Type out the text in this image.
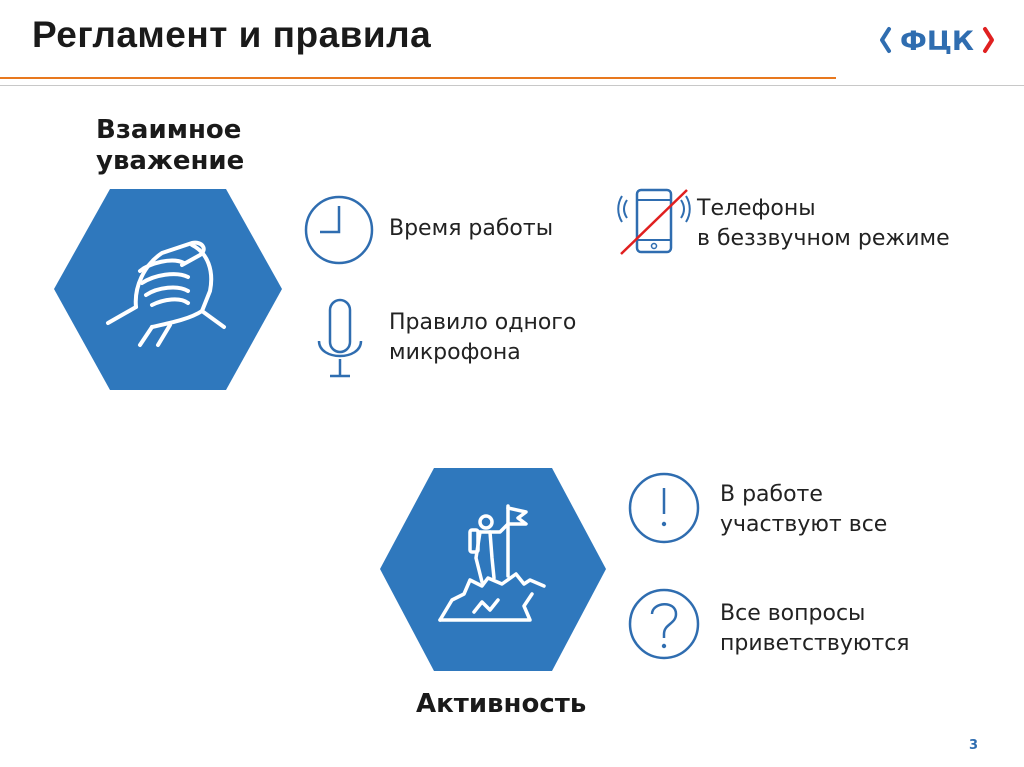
Регламент и правила	ФЦК
Взаимное
уважение
Время работы
Правило одного
микрофона
Телефоны
в беззвучном режиме
Активность
В работе
участвуют все
Все вопросы
приветствуются
3
